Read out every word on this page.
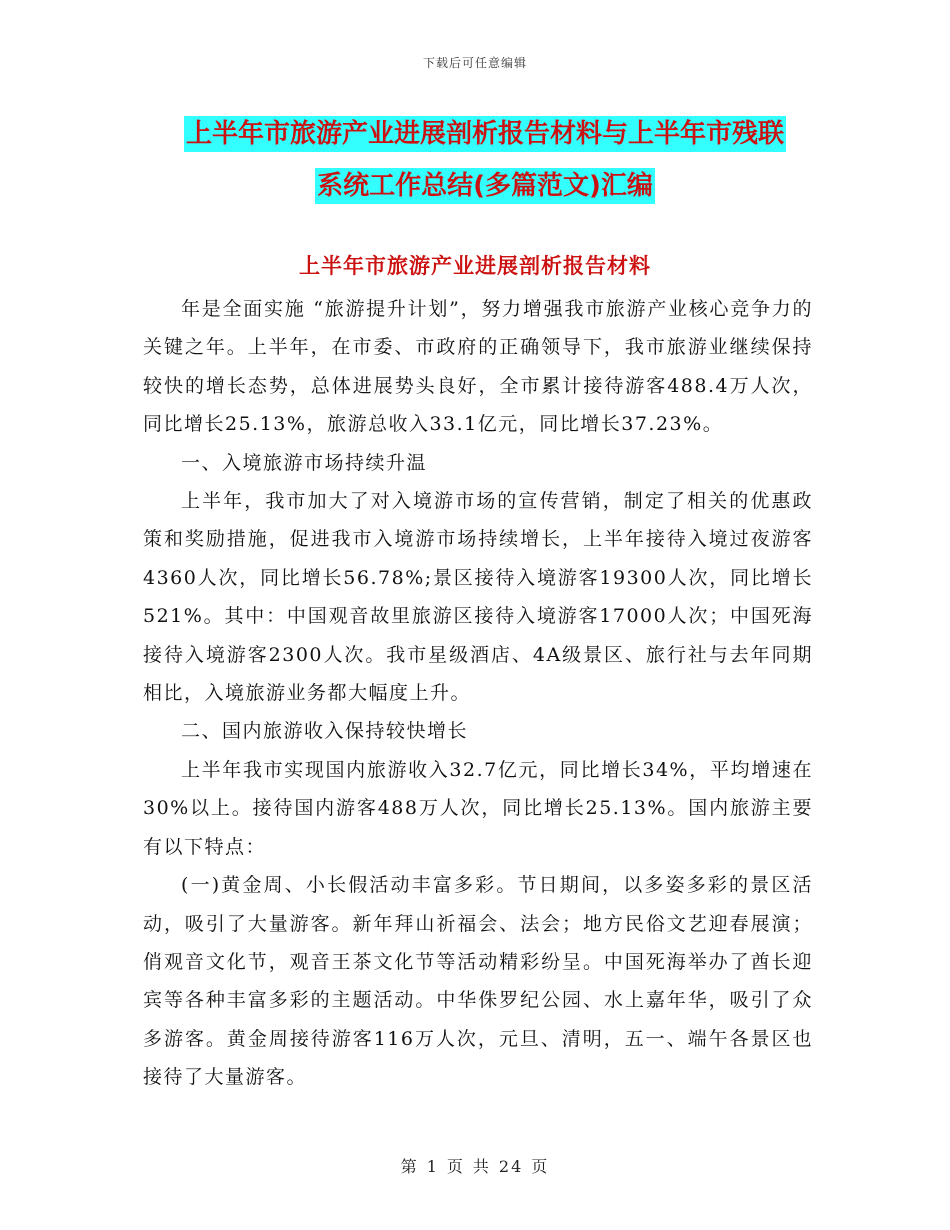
下载后可任意编辑
上半年市旅游产业进展剖析报告材料与上半年市残联
系统工作总结(多篇范文)汇编
上半年市旅游产业进展剖析报告材料

年是全面实施 “旅游提升计划”，努力增强我市旅游产业核心竞争力的关键之年。上半年，在市委、市政府的正确领导下，我市旅游业继续保持较快的增长态势，总体进展势头良好，全市累计接待游客488.4万人次，同比增长25.13%，旅游总收入33.1亿元，同比增长37.23%。

一、入境旅游市场持续升温

上半年，我市加大了对入境游市场的宣传营销，制定了相关的优惠政策和奖励措施，促进我市入境游市场持续增长，上半年接待入境过夜游客4360人次，同比增长56.78%;景区接待入境游客19300人次，同比增长521%。其中：中国观音故里旅游区接待入境游客17000人次；中国死海接待入境游客2300人次。我市星级酒店、4A级景区、旅行社与去年同期相比，入境旅游业务都大幅度上升。

二、国内旅游收入保持较快增长

上半年我市实现国内旅游收入32.7亿元，同比增长34%，平均增速在30%以上。接待国内游客488万人次，同比增长25.13%。国内旅游主要有以下特点：

(一)黄金周、小长假活动丰富多彩。节日期间，以多姿多彩的景区活动，吸引了大量游客。新年拜山祈福会、法会；地方民俗文艺迎春展演；俏观音文化节，观音王茶文化节等活动精彩纷呈。中国死海举办了酋长迎宾等各种丰富多彩的主题活动。中华侏罗纪公园、水上嘉年华，吸引了众多游客。黄金周接待游客116万人次，元旦、清明，五一、端午各景区也接待了大量游客。

第 1 页 共 24 页
